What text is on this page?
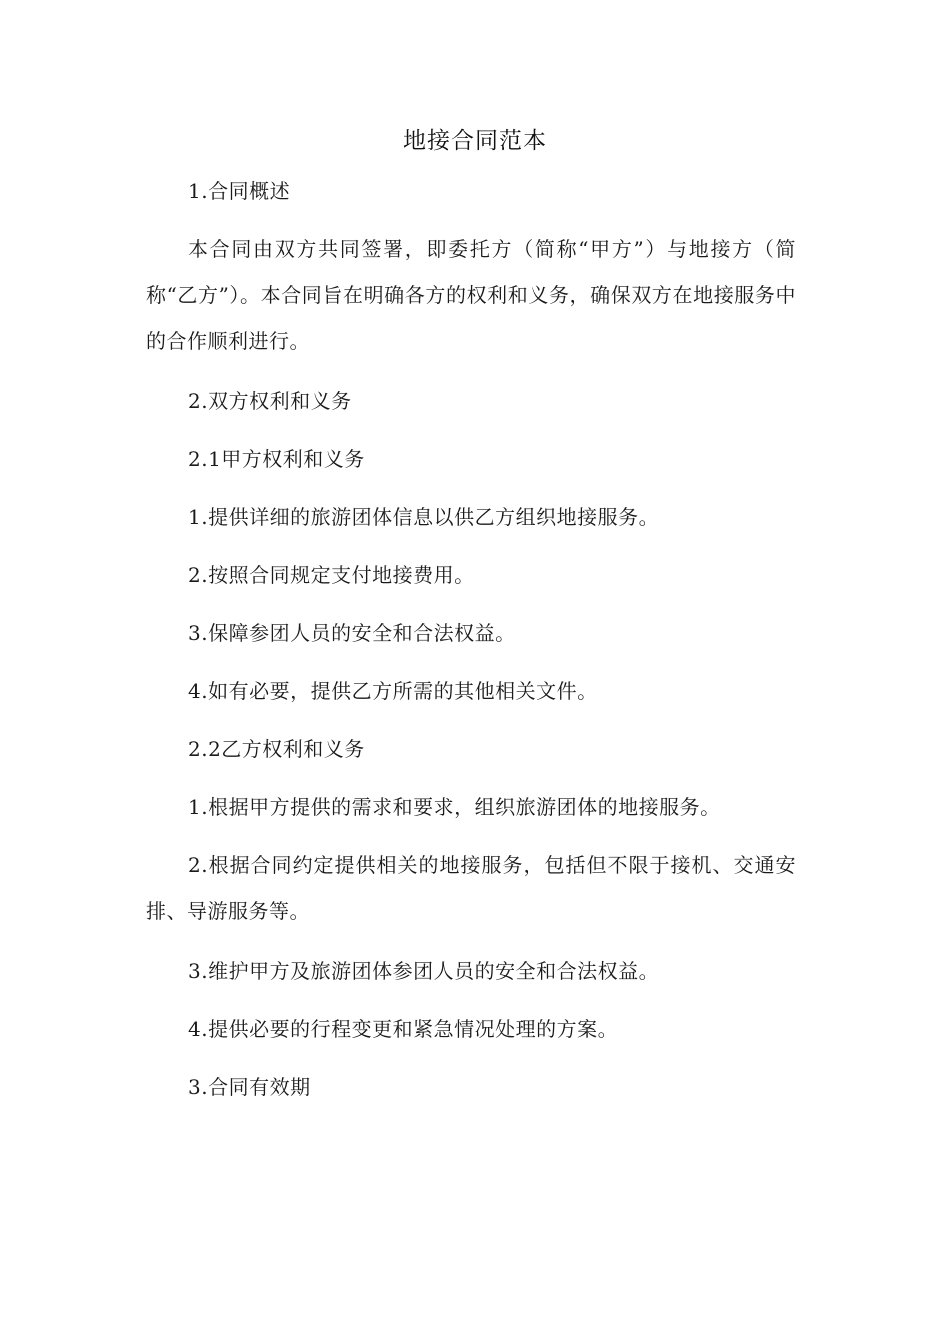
地接合同范本

1.合同概述

本合同由双方共同签署，即委托方（简称“甲方”）与地接方（简称“乙方”）。本合同旨在明确各方的权利和义务，确保双方在地接服务中的合作顺利进行。

2.双方权利和义务

2.1甲方权利和义务

1.提供详细的旅游团体信息以供乙方组织地接服务。

2.按照合同规定支付地接费用。

3.保障参团人员的安全和合法权益。

4.如有必要，提供乙方所需的其他相关文件。

2.2乙方权利和义务

1.根据甲方提供的需求和要求，组织旅游团体的地接服务。

2.根据合同约定提供相关的地接服务，包括但不限于接机、交通安排、导游服务等。

3.维护甲方及旅游团体参团人员的安全和合法权益。

4.提供必要的行程变更和紧急情况处理的方案。

3.合同有效期
